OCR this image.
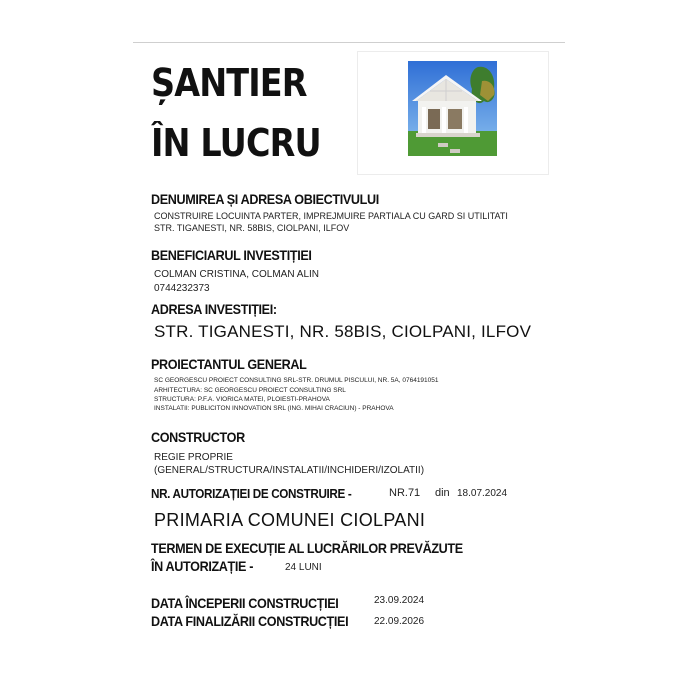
ȘANTIER
ÎN LUCRU
DENUMIREA ȘI ADRESA OBIECTIVULUI
CONSTRUIRE LOCUINTA PARTER, IMPREJMUIRE PARTIALA CU GARD SI UTILITATI
STR. TIGANESTI, NR. 58BIS, CIOLPANI, ILFOV
BENEFICIARUL INVESTIȚIEI
COLMAN CRISTINA, COLMAN ALIN
0744232373
ADRESA INVESTIȚIEI:
STR. TIGANESTI, NR. 58BIS, CIOLPANI, ILFOV
PROIECTANTUL GENERAL
SC GEORGESCU PROIECT CONSULTING SRL-STR. DRUMUL PISCULUI, NR. 5A, 0764191051
ARHITECTURA: SC GEORGESCU PROIECT CONSULTING SRL
STRUCTURA: P.F.A. VIORICA MATEI, PLOIESTI-PRAHOVA
INSTALATII: PUBLICITON INNOVATION SRL (ING. MIHAI CRACIUN) - PRAHOVA
CONSTRUCTOR
REGIE PROPRIE
(GENERAL/STRUCTURA/INSTALATII/INCHIDERI/IZOLATII)
NR. AUTORIZAȚIEI DE CONSTRUIRE -	NR.71 din 18.07.2024
PRIMARIA COMUNEI CIOLPANI
TERMEN DE EXECUȚIE AL LUCRĂRILOR PREVĂZUTE
ÎN AUTORIZAȚIE -	24 LUNI
DATA ÎNCEPERII CONSTRUCȚIEI	23.09.2024
DATA FINALIZĂRII CONSTRUCȚIEI	22.09.2026
